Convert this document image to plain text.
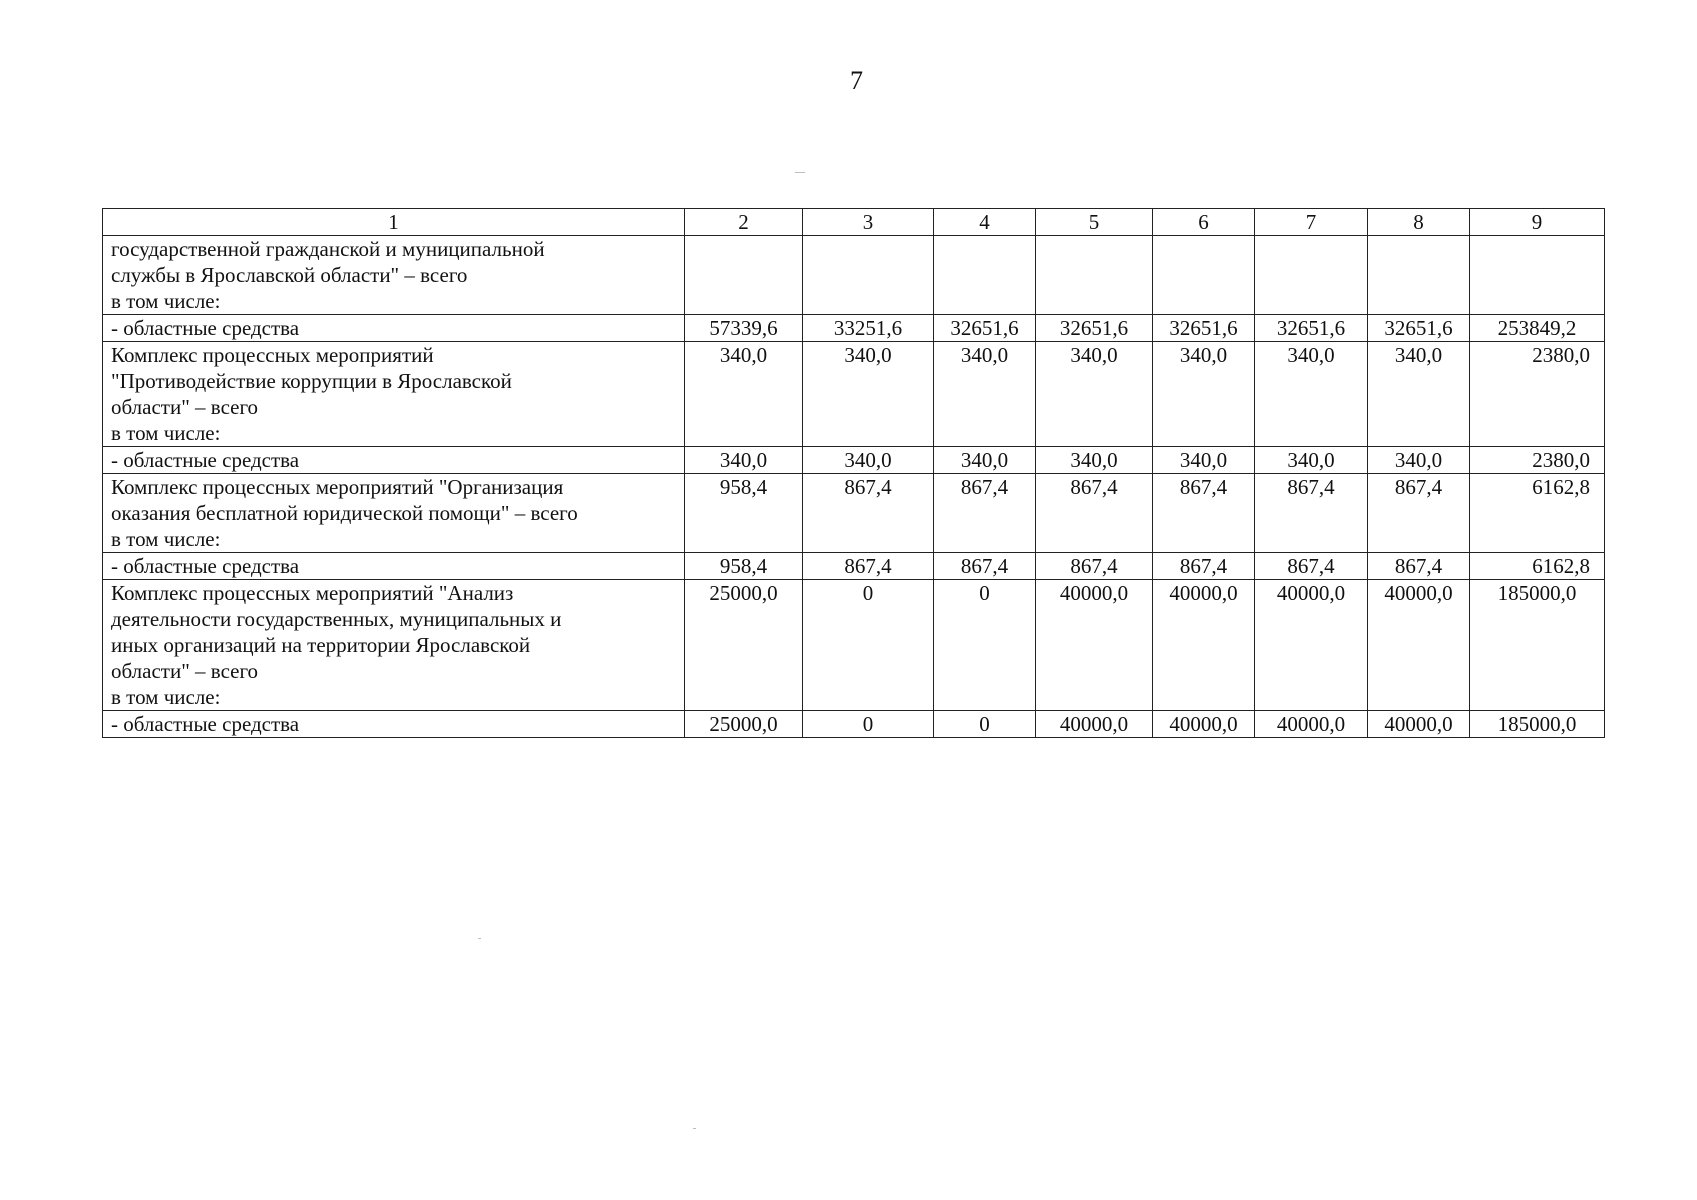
7
1	2	3	4	5	6	7	8	9

государственной гражданской и муниципальной
службы в Ярославской области" – всего
в том числе:								

- областные средства	57339,6	33251,6	32651,6	32651,6	32651,6	32651,6	32651,6	253849,2

Комплекс процессных мероприятий
"Противодействие коррупции в Ярославской
области" – всего
в том числе:	340,0	340,0	340,0	340,0	340,0	340,0	340,0	2380,0

- областные средства	340,0	340,0	340,0	340,0	340,0	340,0	340,0	2380,0

Комплекс процессных мероприятий "Организация
оказания бесплатной юридической помощи" – всего
в том числе:	958,4	867,4	867,4	867,4	867,4	867,4	867,4	6162,8

- областные средства	958,4	867,4	867,4	867,4	867,4	867,4	867,4	6162,8

Комплекс процессных мероприятий "Анализ
деятельности государственных, муниципальных и
иных организаций на территории Ярославской
области" – всего
в том числе:	25000,0	0	0	40000,0	40000,0	40000,0	40000,0	185000,0

- областные средства	25000,0	0	0	40000,0	40000,0	40000,0	40000,0	185000,0
